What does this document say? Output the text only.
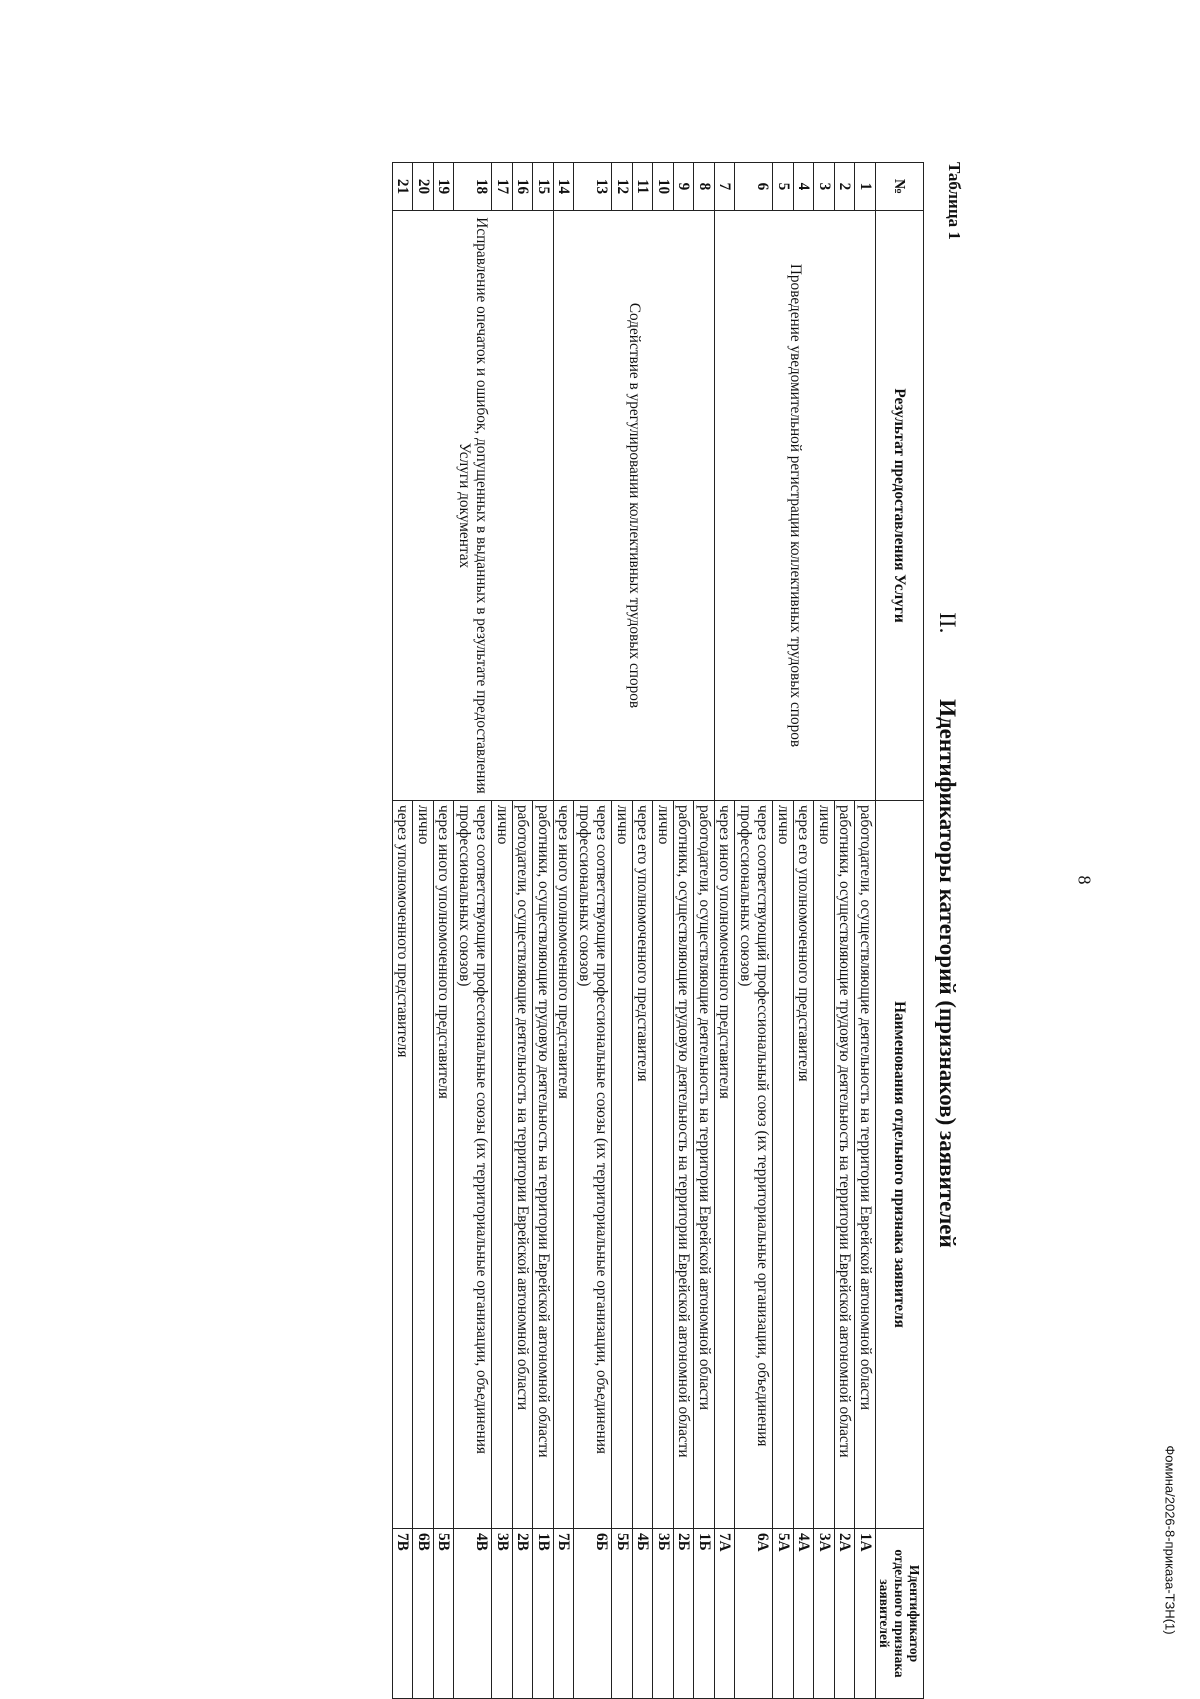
8
Фомина/2026-8-приказа-ТЗН(1)
II. Идентификаторы категорий (признаков) заявителей
Таблица 1
№	Результат предоставления Услуги	Наименования отдельного признака заявителя	Идентификатор отдельного признака заявителей
1	Проведение уведомительной регистрации коллективных трудовых споров	работодатели, осуществляющие деятельность на территории Еврейской автономной области	1А
2		работники, осуществляющие трудовую деятельность на территории Еврейской автономной области	2А
3		лично	3А
4		через его уполномоченного представителя	4А
5		лично	5А
6		через соответствующий профессиональный союз (их территориальные организации, объединения профессиональных союзов)	6А
7		через иного уполномоченного представителя	7А
8	Содействие в урегулировании коллективных трудовых споров	работодатели, осуществляющие деятельность на территории Еврейской автономной области	1Б
9		работники, осуществляющие трудовую деятельность на территории Еврейской автономной области	2Б
10		лично	3Б
11		через его уполномоченного представителя	4Б
12		лично	5Б
13		через соответствующие профессиональные союзы (их территориальные организации, объединения профессиональных союзов)	6Б
14		через иного уполномоченного представителя	7Б
15	Исправление опечаток и ошибок, допущенных в выданных в результате предоставления Услуги документах	работники, осуществляющие трудовую деятельность на территории Еврейской автономной области	1В
16		работодатели, осуществляющие деятельность на территории Еврейской автономной области	2В
17		лично	3В
18		через соответствующие профессиональные союзы (их территориальные организации, объединения профессиональных союзов)	4В
19		через иного уполномоченного представителя	5В
20		лично	6В
21		через уполномоченного представителя	7В
